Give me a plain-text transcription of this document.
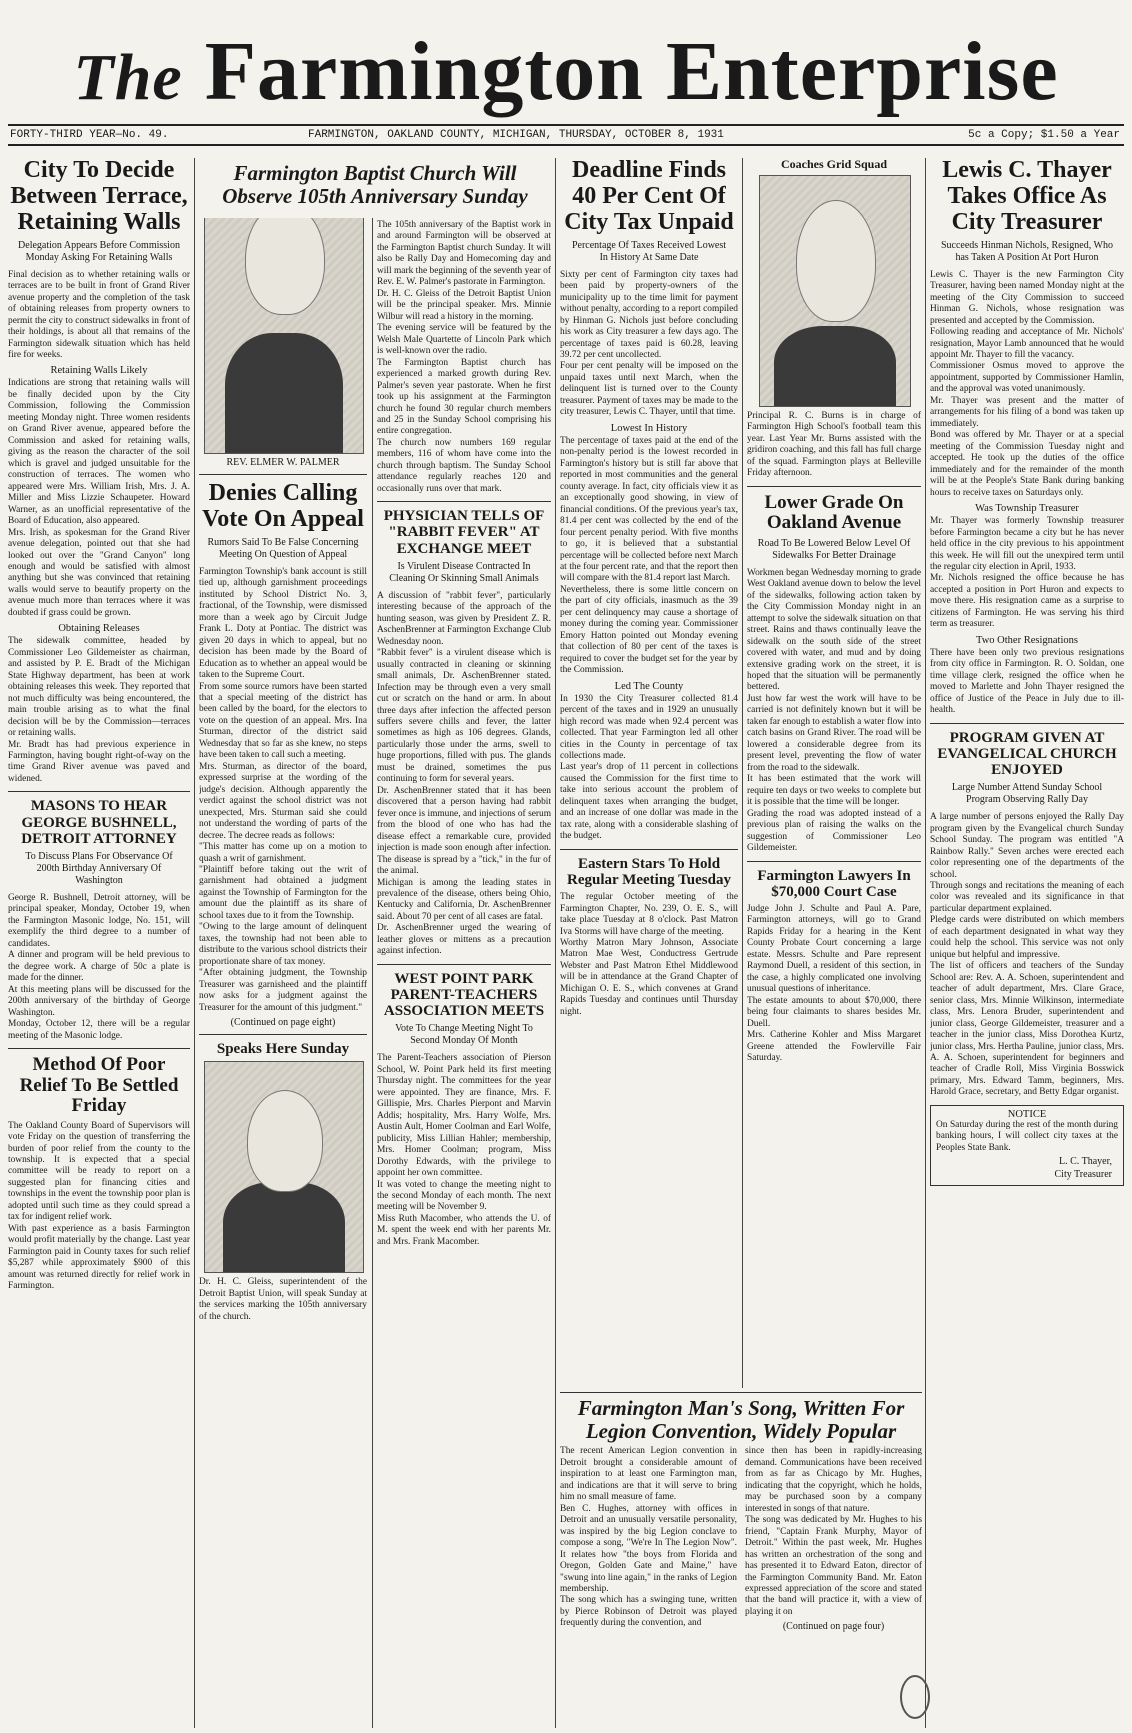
The Farmington Enterprise
FORTY-THIRD YEAR—No. 49.	FARMINGTON, OAKLAND COUNTY, MICHIGAN, THURSDAY, OCTOBER 8, 1931	5c a Copy; $1.50 a Year
City To Decide Between Terrace, Retaining Walls
Delegation Appears Before Commission Monday Asking For Retaining Walls

Final decision as to whether retaining walls or terraces are to be built in front of Grand River avenue property and the completion of the task of obtaining releases from property owners to permit the city to construct sidewalks in front of their holdings, is about all that remains of the Farmington sidewalk situation which has held fire for weeks.

Retaining Walls Likely

Indications are strong that retaining walls will be finally decided upon by the City Commission, following the Commission meeting Monday night. Three women residents on Grand River avenue, appeared before the Commission and asked for retaining walls, giving as the reason the character of the soil which is gravel and judged unsuitable for the construction of terraces. The women who appeared were Mrs. William Irish, Mrs. J. A. Miller and Miss Lizzie Schaupeter. Howard Warner, as an unofficial representative of the Board of Education, also appeared.

Mrs. Irish, as spokesman for the Grand River avenue delegation, pointed out that she had looked out over the "Grand Canyon" long enough and would be satisfied with almost anything but she was convinced that retaining walls would serve to beautify property on the avenue much more than terraces where it was doubted if grass could be grown.

Obtaining Releases

The sidewalk committee, headed by Commissioner Leo Gildemeister as chairman, and assisted by P. E. Bradt of the Michigan State Highway department, has been at work obtaining releases this week. They reported that not much difficulty was being encountered, the main trouble arising as to what the final decision will be by the Commission—terraces or retaining walls.

Mr. Bradt has had previous experience in Farmington, having bought right-of-way on the time Grand River avenue was paved and widened.

MASONS TO HEAR GEORGE BUSHNELL, DETROIT ATTORNEY
To Discuss Plans For Observance Of 200th Birthday Anniversary Of Washington

George R. Bushnell, Detroit attorney, will be principal speaker, Monday, October 19, when the Farmington Masonic lodge, No. 151, will exemplify the third degree to a number of candidates.

A dinner and program will be held previous to the degree work. A charge of 50c a plate is made for the dinner.

At this meeting plans will be discussed for the 200th anniversary of the birthday of George Washington.

Monday, October 12, there will be a regular meeting of the Masonic lodge.

Method Of Poor Relief To Be Settled Friday

The Oakland County Board of Supervisors will vote Friday on the question of transferring the burden of poor relief from the county to the township. It is expected that a special committee will be ready to report on a suggested plan for financing cities and townships in the event the township poor plan is adopted until such time as they could spread a tax for indigent relief work.

With past experience as a basis Farmington would profit materially by the change. Last year Farmington paid in County taxes for such relief $5,287 while approximately $900 of this amount was returned directly for relief work in Farmington.

REV. ELMER W. PALMER
Denies Calling Vote On Appeal
Rumors Said To Be False Concerning Meeting On Question of Appeal

Farmington Township's bank account is still tied up, although garnishment proceedings instituted by School District No. 3, fractional, of the Township, were dismissed more than a week ago by Circuit Judge Frank L. Doty at Pontiac. The district was given 20 days in which to appeal, but no decision has been made by the Board of Education as to whether an appeal would be taken to the Supreme Court.

From some source rumors have been started that a special meeting of the district has been called by the board, for the electors to vote on the question of an appeal. Mrs. Ina Sturman, director of the district said Wednesday that so far as she knew, no steps have been taken to call such a meeting.

Mrs. Sturman, as director of the board, expressed surprise at the wording of the judge's decision. Although apparently the verdict against the school district was not unexpected, Mrs. Sturman said she could not understand the wording of parts of the decree. The decree reads as follows:

"This matter has come up on a motion to quash a writ of garnishment.

"Plaintiff before taking out the writ of garnishment had obtained a judgment against the Township of Farmington for the amount due the plaintiff as its share of school taxes due to it from the Township.

"Owing to the large amount of delinquent taxes, the township had not been able to distribute to the various school districts their proportionate share of tax money.

"After obtaining judgment, the Township Treasurer was garnisheed and the plaintiff now asks for a judgment against the Treasurer for the amount of this judgment."

(Continued on page eight)
Speaks Here Sunday

Dr. H. C. Gleiss, superintendent of the Detroit Baptist Union, will speak Sunday at the services marking the 105th anniversary of the church.

The 105th anniversary of the Baptist work in and around Farmington will be observed at the Farmington Baptist church Sunday. It will also be Rally Day and Homecoming day and will mark the beginning of the seventh year of Rev. E. W. Palmer's pastorate in Farmington.

Dr. H. C. Gleiss of the Detroit Baptist Union will be the principal speaker. Mrs. Minnie Wilbur will read a history in the morning.

The evening service will be featured by the Welsh Male Quartette of Lincoln Park which is well-known over the radio.

The Farmington Baptist church has experienced a marked growth during Rev. Palmer's seven year pastorate. When he first took up his assignment at the Farmington church he found 30 regular church members and 25 in the Sunday School comprising his entire congregation.

The church now numbers 169 regular members, 116 of whom have come into the church through baptism. The Sunday School attendance regularly reaches 120 and occasionally runs over that mark.

PHYSICIAN TELLS OF "RABBIT FEVER" AT EXCHANGE MEET
Is Virulent Disease Contracted In Cleaning Or Skinning Small Animals

A discussion of "rabbit fever", particularly interesting because of the approach of the hunting season, was given by President Z. R. AschenBrenner at Farmington Exchange Club Wednesday noon.

"Rabbit fever" is a virulent disease which is usually contracted in cleaning or skinning small animals, Dr. AschenBrenner stated. Infection may be through even a very small cut or scratch on the hand or arm. In about three days after infection the affected person suffers severe chills and fever, the latter sometimes as high as 106 degrees. Glands, particularly those under the arms, swell to huge proportions, filled with pus. The glands must be drained, sometimes the pus continuing to form for several years.

Dr. AschenBrenner stated that it has been discovered that a person having had rabbit fever once is immune, and injections of serum from the blood of one who has had the disease effect a remarkable cure, provided injection is made soon enough after infection. The disease is spread by a "tick," in the fur of the animal.

Michigan is among the leading states in prevalence of the disease, others being Ohio, Kentucky and California, Dr. AschenBrenner said. About 70 per cent of all cases are fatal.

Dr. AschenBrenner urged the wearing of leather gloves or mittens as a precaution against infection.

WEST POINT PARK PARENT-TEACHERS ASSOCIATION MEETS
Vote To Change Meeting Night To Second Monday Of Month

The Parent-Teachers association of Pierson School, W. Point Park held its first meeting Thursday night. The committees for the year were appointed. They are finance, Mrs. F. Gillispie, Mrs. Charles Pierpont and Marvin Addis; hospitality, Mrs. Harry Wolfe, Mrs. Austin Ault, Homer Coolman and Earl Wolfe, publicity, Miss Lillian Hahler; membership, Mrs. Homer Coolman; program, Miss Dorothy Edwards, with the privilege to appoint her own committee.

It was voted to change the meeting night to the second Monday of each month. The next meeting will be November 9.

Miss Ruth Macomber, who attends the U. of M. spent the week end with her parents Mr. and Mrs. Frank Macomber.

Farmington Baptist Church Will Observe 105th Anniversary Sunday
Deadline Finds 40 Per Cent Of City Tax Unpaid
Percentage Of Taxes Received Lowest In History At Same Date

Sixty per cent of Farmington city taxes had been paid by property-owners of the municipality up to the time limit for payment without penalty, according to a report compiled by Hinman G. Nichols just before concluding his work as City treasurer a few days ago. The percentage of taxes paid is 60.28, leaving 39.72 per cent uncollected.

Four per cent penalty will be imposed on the unpaid taxes until next March, when the delinquent list is turned over to the County treasurer. Payment of taxes may be made to the city treasurer, Lewis C. Thayer, until that time.

Lowest In History

The percentage of taxes paid at the end of the non-penalty period is the lowest recorded in Farmington's history but is still far above that reported in most communities and the general county average. In fact, city officials view it as an exceptionally good showing, in view of financial conditions. Of the previous year's tax, 81.4 per cent was collected by the end of the four percent penalty period. With five months to go, it is believed that a substantial percentage will be collected before next March at the four percent rate, and that the report then will compare with the 81.4 report last March.

Nevertheless, there is some little concern on the part of city officials, inasmuch as the 39 per cent delinquency may cause a shortage of money during the coming year. Commissioner Emory Hatton pointed out Monday evening that collection of 80 per cent of the taxes is required to cover the budget set for the year by the Commission.

Led The County

In 1930 the City Treasurer collected 81.4 percent of the taxes and in 1929 an unusually high record was made when 92.4 percent was collected. That year Farmington led all other cities in the County in percentage of tax collections made.

Last year's drop of 11 percent in collections caused the Commission for the first time to take into serious account the problem of delinquent taxes when arranging the budget, and an increase of one dollar was made in the tax rate, along with a considerable slashing of the budget.

Eastern Stars To Hold Regular Meeting Tuesday

The regular October meeting of the Farmington Chapter, No. 239, O. E. S., will take place Tuesday at 8 o'clock. Past Matron Iva Storms will have charge of the meeting.

Worthy Matron Mary Johnson, Associate Matron Mae West, Conductress Gertrude Webster and Past Matron Ethel Middlewood will be in attendance at the Grand Chapter of Michigan O. E. S., which convenes at Grand Rapids Tuesday and continues until Thursday night.

Coaches Grid Squad

Principal R. C. Burns is in charge of Farmington High School's football team this year. Last Year Mr. Burns assisted with the gridiron coaching, and this fall has full charge of the squad. Farmington plays at Belleville Friday afternoon.

Lower Grade On Oakland Avenue
Road To Be Lowered Below Level Of Sidewalks For Better Drainage

Workmen began Wednesday morning to grade West Oakland avenue down to below the level of the sidewalks, following action taken by the City Commission Monday night in an attempt to solve the sidewalk situation on that street. Rains and thaws continually leave the sidewalk on the south side of the street covered with water, and mud and by doing extensive grading work on the street, it is hoped that the situation will be permanently bettered.

Just how far west the work will have to be carried is not definitely known but it will be taken far enough to establish a water flow into catch basins on Grand River. The road will be lowered a considerable degree from its present level, preventing the flow of water from the road to the sidewalk.

It has been estimated that the work will require ten days or two weeks to complete but it is possible that the time will be longer.

Grading the road was adopted instead of a previous plan of raising the walks on the suggestion of Commissioner Leo Gildemeister.

Farmington Lawyers In $70,000 Court Case

Judge John J. Schulte and Paul A. Pare, Farmington attorneys, will go to Grand Rapids Friday for a hearing in the Kent County Probate Court concerning a large estate. Messrs. Schulte and Pare represent Raymond Duell, a resident of this section, in the case, a highly complicated one involving unusual questions of inheritance.

The estate amounts to about $70,000, there being four claimants to shares besides Mr. Duell.

Mrs. Catherine Kohler and Miss Margaret Greene attended the Fowlerville Fair Saturday.

Farmington Man's Song, Written For Legion Convention, Widely Popular

The recent American Legion convention in Detroit brought a considerable amount of inspiration to at least one Farmington man, and indications are that it will serve to bring him no small measure of fame.

Ben C. Hughes, attorney with offices in Detroit and an unusually versatile personality, was inspired by the big Legion conclave to compose a song, "We're In The Legion Now". It relates how "the boys from Florida and Oregon, Golden Gate and Maine," have "swung into line again," in the ranks of Legion membership.

The song which has a swinging tune, written by Pierce Robinson of Detroit was played frequently during the convention, and

since then has been in rapidly-increasing demand. Communications have been received from as far as Chicago by Mr. Hughes, indicating that the copyright, which he holds, may be purchased soon by a company interested in songs of that nature.

The song was dedicated by Mr. Hughes to his friend, "Captain Frank Murphy, Mayor of Detroit." Within the past week, Mr. Hughes has written an orchestration of the song and has presented it to Edward Eaton, director of the Farmington Community Band. Mr. Eaton expressed appreciation of the score and stated that the band will practice it, with a view of playing it on

(Continued on page four)
Lewis C. Thayer Takes Office As City Treasurer
Succeeds Hinman Nichols, Resigned, Who has Taken A Position At Port Huron

Lewis C. Thayer is the new Farmington City Treasurer, having been named Monday night at the meeting of the City Commission to succeed Hinman G. Nichols, whose resignation was presented and accepted by the Commission.

Following reading and acceptance of Mr. Nichols' resignation, Mayor Lamb announced that he would appoint Mr. Thayer to fill the vacancy.

Commissioner Osmus moved to approve the appointment, supported by Commissioner Hamlin, and the approval was voted unanimously.

Mr. Thayer was present and the matter of arrangements for his filing of a bond was taken up immediately.

Bond was offered by Mr. Thayer or at a special meeting of the Commission Tuesday night and accepted. He took up the duties of the office immediately and for the remainder of the month will be at the People's State Bank during banking hours to receive taxes on Saturdays only.

Was Township Treasurer

Mr. Thayer was formerly Township treasurer before Farmington became a city but he has never held office in the city previous to his appointment this week. He will fill out the unexpired term until the regular city election in April, 1933.

Mr. Nichols resigned the office because he has accepted a position in Port Huron and expects to move there. His resignation came as a surprise to citizens of Farmington. He was serving his third term as treasurer.

Two Other Resignations

There have been only two previous resignations from city office in Farmington. R. O. Soldan, one time village clerk, resigned the office when he moved to Marlette and John Thayer resigned the office of Justice of the Peace in July due to ill-health.

PROGRAM GIVEN AT EVANGELICAL CHURCH ENJOYED
Large Number Attend Sunday School Program Observing Rally Day

A large number of persons enjoyed the Rally Day program given by the Evangelical church Sunday School Sunday. The program was entitled "A Rainbow Rally." Seven arches were erected each color representing one of the departments of the school.

Through songs and recitations the meaning of each color was revealed and its significance in that particular department explained.

Pledge cards were distributed on which members of each department designated in what way they could help the school. This service was not only unique but helpful and impressive.

The list of officers and teachers of the Sunday School are: Rev. A. A. Schoen, superintendent and teacher of adult department, Mrs. Clare Grace, senior class, Mrs. Minnie Wilkinson, intermediate class, Mrs. Lenora Bruder, superintendent and junior class, George Gildemeister, treasurer and a teacher in the junior class, Miss Dorothea Kurtz, junior class, Mrs. Hertha Pauline, junior class, Mrs. A. A. Schoen, superintendent for beginners and teacher of Cradle Roll, Miss Virginia Bosswick primary, Mrs. Edward Tamm, beginners, Mrs. Harold Grace, secretary, and Betty Edgar organist.

NOTICE

On Saturday during the rest of the month during banking hours, I will collect city taxes at the Peoples State Bank.

L. C. Thayer,
City Treasurer
